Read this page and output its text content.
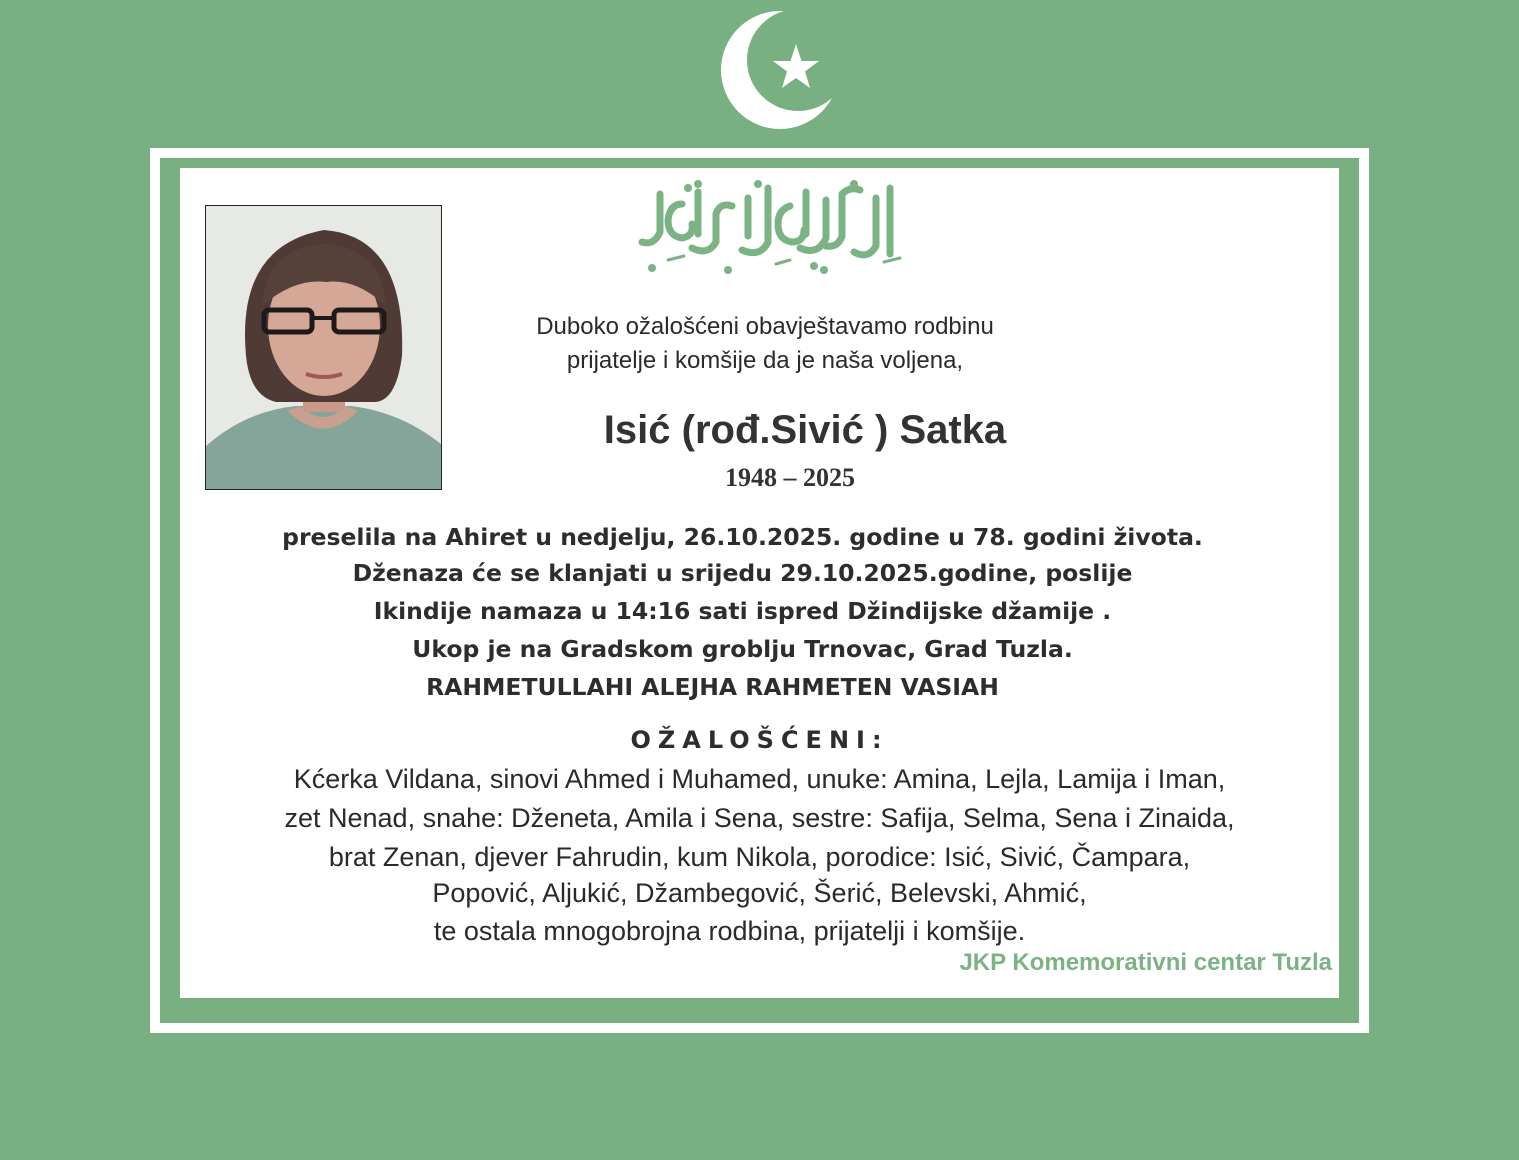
Duboko ožalošćeni obavještavamo rodbinu
prijatelje i komšije da je naša voljena,
Isić (rođ.Sivić ) Satka
1948 – 2025
preselila na Ahiret u nedjelju, 26.10.2025. godine u 78. godini života.
Dženaza će se klanjati u srijedu 29.10.2025.godine, poslije
Ikindije namaza u 14:16 sati ispred Džindijske džamije .
Ukop je na Gradskom groblju Trnovac, Grad Tuzla.
RAHMETULLAHI ALEJHA RAHMETEN VASIAH
OŽALOŠĆENI:
Kćerka Vildana, sinovi Ahmed i Muhamed, unuke: Amina, Lejla, Lamija i Iman,
zet Nenad, snahe: Dženeta, Amila i Sena, sestre: Safija, Selma, Sena i Zinaida,
brat Zenan, djever Fahrudin, kum Nikola, porodice: Isić, Sivić, Čampara,
Popović, Aljukić, Džambegović, Šerić, Belevski, Ahmić,
te ostala mnogobrojna rodbina, prijatelji i komšije.
JKP Komemorativni centar Tuzla
